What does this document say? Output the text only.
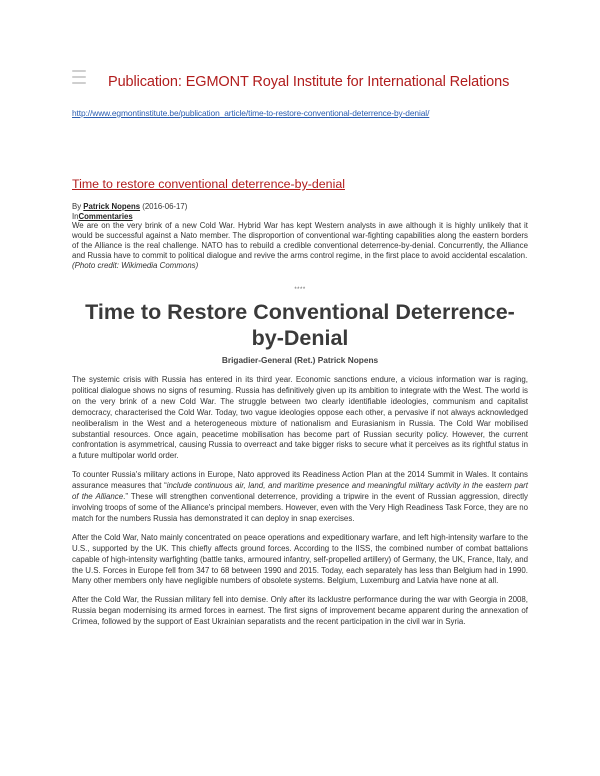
Publication: EGMONT Royal Institute for International Relations
http://www.egmontinstitute.be/publication_article/time-to-restore-conventional-deterrence-by-denial/
Time to restore conventional deterrence-by-denial
By Patrick Nopens (2016-06-17)
InCommentaries
We are on the very brink of a new Cold War. Hybrid War has kept Western analysts in awe although it is highly unlikely that it would be successful against a Nato member. The disproportion of conventional war-fighting capabilities along the eastern borders of the Alliance is the real challenge. NATO has to rebuild a credible conventional deterrence-by-denial. Concurrently, the Alliance and Russia have to commit to political dialogue and revive the arms control regime, in the first place to avoid accidental escalation.
(Photo credit: Wikimedia Commons)
****
Time to Restore Conventional Deterrence-by-Denial
Brigadier-General (Ret.) Patrick Nopens

The systemic crisis with Russia has entered in its third year. Economic sanctions endure, a vicious information war is raging, political dialogue shows no signs of resuming. Russia has definitively given up its ambition to integrate with the West. The world is on the very brink of a new Cold War. The struggle between two clearly identifiable ideologies, communism and capitalist democracy, characterised the Cold War. Today, two vague ideologies oppose each other, a pervasive if not always acknowledged neoliberalism in the West and a heterogeneous mixture of nationalism and Eurasianism in Russia. The Cold War mobilised substantial resources. Once again, peacetime mobilisation has become part of Russian security policy. However, the current confrontation is asymmetrical, causing Russia to overreact and take bigger risks to secure what it perceives as its rightful status in a future multipolar world order.

To counter Russia's military actions in Europe, Nato approved its Readiness Action Plan at the 2014 Summit in Wales. It contains assurance measures that “include continuous air, land, and maritime presence and meaningful military activity in the eastern part of the Alliance.” These will strengthen conventional deterrence, providing a tripwire in the event of Russian aggression, directly involving troops of some of the Alliance's principal members. However, even with the Very High Readiness Task Force, they are no match for the numbers Russia has demonstrated it can deploy in snap exercises.

After the Cold War, Nato mainly concentrated on peace operations and expeditionary warfare, and left high-intensity warfare to the U.S., supported by the UK. This chiefly affects ground forces. According to the IISS, the combined number of combat battalions capable of high-intensity warfighting (battle tanks, armoured infantry, self-propelled artillery) of Germany, the UK, France, Italy, and the U.S. Forces in Europe fell from 347 to 68 between 1990 and 2015. Today, each separately has less than Belgium had in 1990. Many other members only have negligible numbers of obsolete systems. Belgium, Luxemburg and Latvia have none at all.

After the Cold War, the Russian military fell into demise. Only after its lacklustre performance during the war with Georgia in 2008, Russia began modernising its armed forces in earnest. The first signs of improvement became apparent during the annexation of Crimea, followed by the support of East Ukrainian separatists and the recent participation in the civil war in Syria.
